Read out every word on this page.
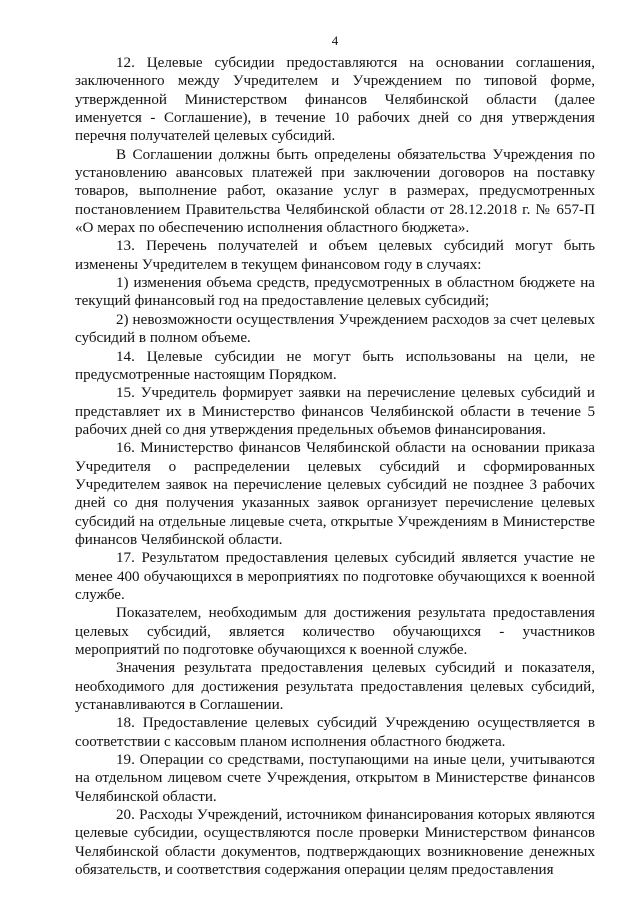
4

12. Целевые субсидии предоставляются на основании соглашения, заключенного между Учредителем и Учреждением по типовой форме, утвержденной Министерством финансов Челябинской области (далее именуется - Соглашение), в течение 10 рабочих дней со дня утверждения перечня получателей целевых субсидий.

В Соглашении должны быть определены обязательства Учреждения по установлению авансовых платежей при заключении договоров на поставку товаров, выполнение работ, оказание услуг в размерах, предусмотренных постановлением Правительства Челябинской области от 28.12.2018 г. № 657-П «О мерах по обеспечению исполнения областного бюджета».

13. Перечень получателей и объем целевых субсидий могут быть изменены Учредителем в текущем финансовом году в случаях:

1) изменения объема средств, предусмотренных в областном бюджете на текущий финансовый год на предоставление целевых субсидий;

2) невозможности осуществления Учреждением расходов за счет целевых субсидий в полном объеме.

14. Целевые субсидии не могут быть использованы на цели, не предусмотренные настоящим Порядком.

15. Учредитель формирует заявки на перечисление целевых субсидий и представляет их в Министерство финансов Челябинской области в течение 5 рабочих дней со дня утверждения предельных объемов финансирования.

16. Министерство финансов Челябинской области на основании приказа Учредителя о распределении целевых субсидий и сформированных Учредителем заявок на перечисление целевых субсидий не позднее 3 рабочих дней со дня получения указанных заявок организует перечисление целевых субсидий на отдельные лицевые счета, открытые Учреждениям в Министерстве финансов Челябинской области.

17. Результатом предоставления целевых субсидий является участие не менее 400 обучающихся в мероприятиях по подготовке обучающихся к военной службе.

Показателем, необходимым для достижения результата предоставления целевых субсидий, является количество обучающихся - участников мероприятий по подготовке обучающихся к военной службе.

Значения результата предоставления целевых субсидий и показателя, необходимого для достижения результата предоставления целевых субсидий, устанавливаются в Соглашении.

18. Предоставление целевых субсидий Учреждению осуществляется в соответствии с кассовым планом исполнения областного бюджета.

19. Операции со средствами, поступающими на иные цели, учитываются на отдельном лицевом счете Учреждения, открытом в Министерстве финансов Челябинской области.

20. Расходы Учреждений, источником финансирования которых являются целевые субсидии, осуществляются после проверки Министерством финансов Челябинской области документов, подтверждающих возникновение денежных обязательств, и соответствия содержания операции целям предоставления
